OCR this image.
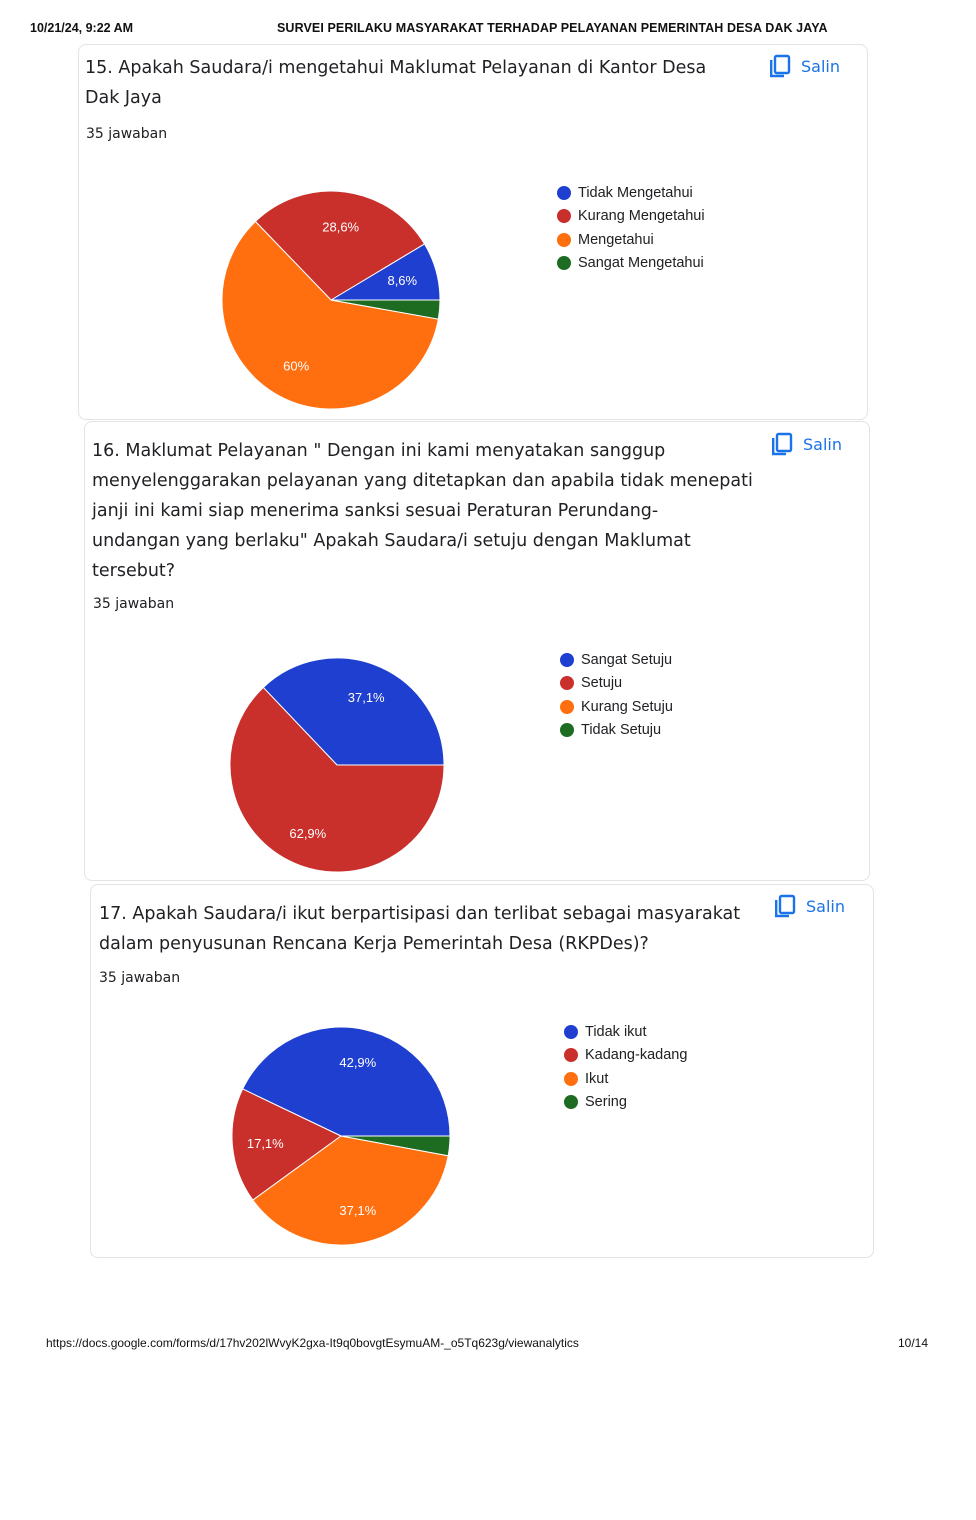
10/21/24, 9:22 AM	SURVEI PERILAKU MASYARAKAT TERHADAP PELAYANAN PEMERINTAH DESA DAK JAYA
15. Apakah Saudara/i mengetahui Maklumat Pelayanan di Kantor Desa
Dak Jaya
35 jawaban
Salin
8,6%
28,6%
60%
Tidak Mengetahui
Kurang Mengetahui
Mengetahui
Sangat Mengetahui
16. Maklumat Pelayanan " Dengan ini kami menyatakan sanggup
menyelenggarakan pelayanan yang ditetapkan dan apabila tidak menepati
janji ini kami siap menerima sanksi sesuai Peraturan Perundang-
undangan yang berlaku" Apakah Saudara/i setuju dengan Maklumat
tersebut?
35 jawaban
Salin
37,1%
62,9%
Sangat Setuju
Setuju
Kurang Setuju
Tidak Setuju
17. Apakah Saudara/i ikut berpartisipasi dan terlibat sebagai masyarakat
dalam penyusunan Rencana Kerja Pemerintah Desa (RKPDes)?
35 jawaban
Salin
42,9%
17,1%
37,1%
Tidak ikut
Kadang-kadang
Ikut
Sering
https://docs.google.com/forms/d/17hv202lWvyK2gxa-It9q0bovgtEsymuAM-_o5Tq623g/viewanalytics	10/14
